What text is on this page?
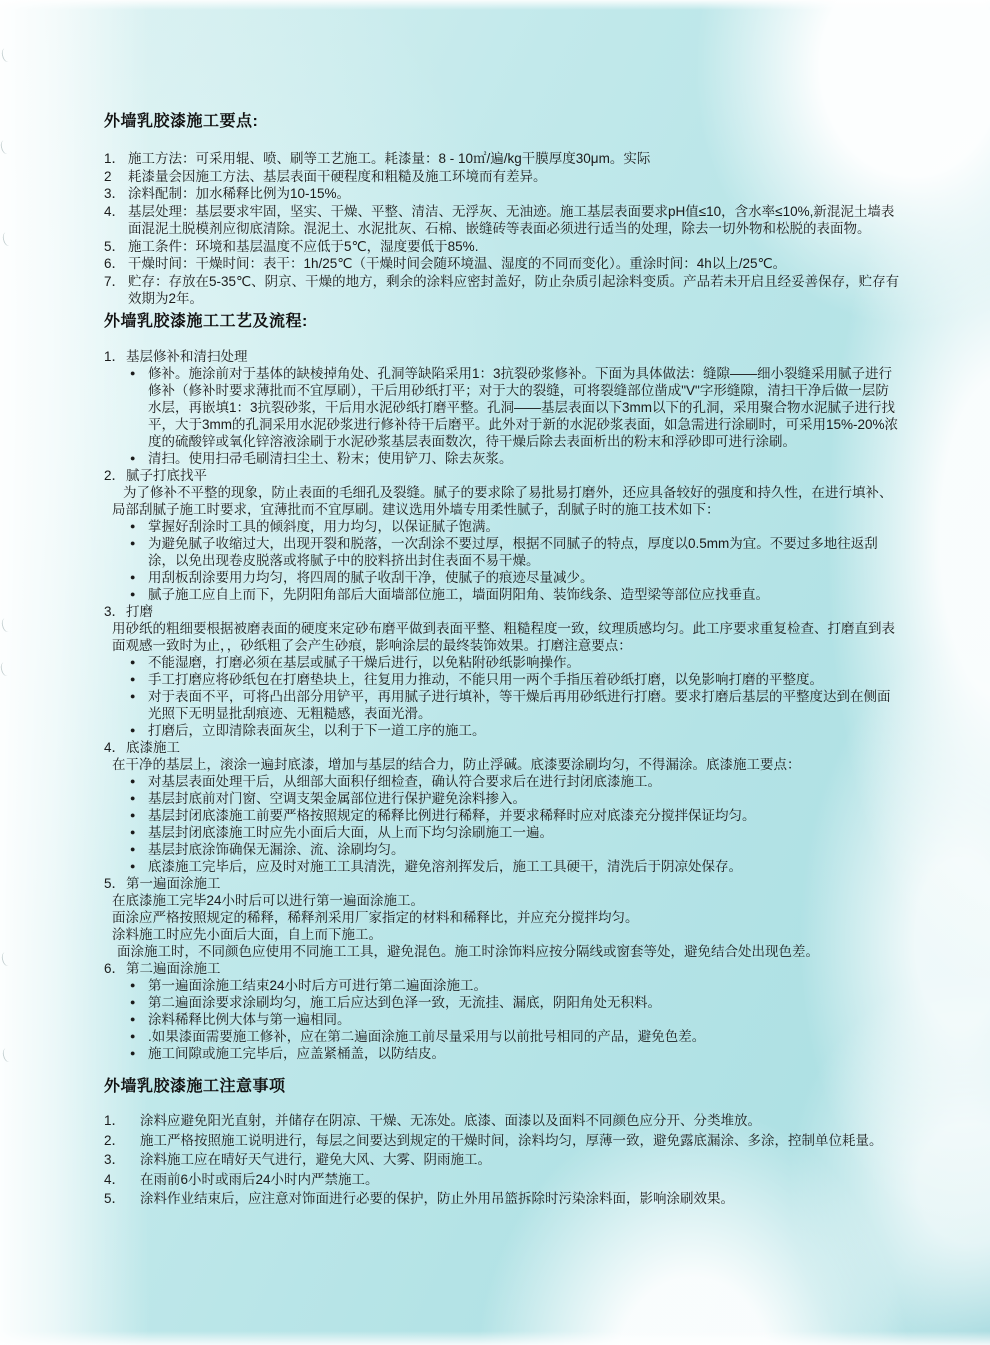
外墙乳胶漆施工要点:
1． 施工方法：可采用辊、喷、刷等工艺施工。耗漆量：8 - 10㎡/遍/kg干膜厚度30μm。实际
2	耗漆量会因施工方法、基层表面干硬程度和粗糙及施工环境而有差异。
3． 涂料配制：加水稀释比例为10-15%。
4． 基层处理：基层要求牢固，坚实、干燥、平整、清洁、无浮灰、无油迹。施工基层表面要求pH值≤10，含水率≤10%,新混泥土墙表面混泥土脱模剂应彻底清除。混泥土、水泥批灰、石棉、嵌缝砖等表面必须进行适当的处理，除去一切外物和松脱的表面物。
5． 施工条件：环境和基层温度不应低于5℃，湿度要低于85%.
6． 干燥时间：干燥时间：表干：1h/25℃（干燥时间会随环境温、湿度的不同而变化）。重涂时间：4h以上/25℃。
7． 贮存：存放在5-35℃、阴京、干燥的地方，剩余的涂料应密封盖好，防止杂质引起涂料变质。产品若未开启且经妥善保存，贮存有效期为2年。
外墙乳胶漆施工工艺及流程:
1． 基层修补和清扫处理
● 修补。施涂前对于基体的缺棱掉角处、孔洞等缺陷采用1：3抗裂砂浆修补。下面为具体做法：缝隙——细小裂缝采用腻子进行修补（修补时要求薄批而不宜厚刷），干后用砂纸打平；对于大的裂缝，可将裂缝部位凿成"V"字形缝隙，清扫干净后做一层防水层，再嵌填1：3抗裂砂浆，干后用水泥砂纸打磨平整。孔洞——基层表面以下3mm以下的孔洞，采用聚合物水泥腻子进行找平，大于3mm的孔洞采用水泥砂浆进行修补待干后磨平。此外对于新的水泥砂浆表面，如急需进行涂刷时，可采用15%-20%浓度的硫酸锌或氧化锌溶液涂刷于水泥砂浆基层表面数次，待干燥后除去表面析出的粉末和浮砂即可进行涂刷。
● 清扫。使用扫帚毛刷清扫尘土、粉末；使用铲刀、除去灰浆。
2． 腻子打底找平
为了修补不平整的现象，防止表面的毛细孔及裂缝。腻子的要求除了易批易打磨外，还应具备较好的强度和持久性，在进行填补、局部刮腻子施工时要求，宜薄批而不宜厚刷。建议选用外墙专用柔性腻子，刮腻子时的施工技术如下：
● 掌握好刮涂时工具的倾斜度，用力均匀，以保证腻子饱满。
● 为避免腻子收缩过大，出现开裂和脱落，一次刮涂不要过厚，根据不同腻子的特点，厚度以0.5mm为宜。不要过多地往返刮涂，以免出现卷皮脱落或将腻子中的胶料挤出封住表面不易干燥。
● 用刮板刮涂要用力均匀，将四周的腻子收刮干净，使腻子的痕迹尽量减少。
● 腻子施工应自上而下，先阴阳角部后大面墙部位施工，墙面阴阳角、装饰线条、造型梁等部位应找垂直。
3． 打磨
用砂纸的粗细要根据被磨表面的硬度来定砂布磨平做到表面平整、粗糙程度一致，纹理质感均匀。此工序要求重复检查、打磨直到表面观感一致时为止，，砂纸粗了会产生砂痕，影响涂层的最终装饰效果。打磨注意要点：
● 不能湿磨，打磨必须在基层或腻子干燥后进行，以免粘附砂纸影响操作。
● 手工打磨应将砂纸包在打磨垫块上，往复用力推动，不能只用一两个手指压着砂纸打磨，以免影响打磨的平整度。
● 对于表面不平，可将凸出部分用铲平，再用腻子进行填补，等干燥后再用砂纸进行打磨。要求打磨后基层的平整度达到在侧面光照下无明显批刮痕迹、无粗糙感，表面光滑。
● 打磨后，立即清除表面灰尘，以利于下一道工序的施工。
4． 底漆施工
在干净的基层上，滚涂一遍封底漆，增加与基层的结合力，防止浮碱。底漆要涂刷均匀，不得漏涂。底漆施工要点：
● 对基层表面处理干后，从细部大面积仔细检查，确认符合要求后在进行封闭底漆施工。
● 基层封底前对门窗、空调支架金属部位进行保护避免涂料掺入。
● 基层封闭底漆施工前要严格按照规定的稀释比例进行稀释，并要求稀释时应对底漆充分搅拌保证均匀。
● 基层封闭底漆施工时应先小面后大面，从上而下均匀涂刷施工一遍。
● 基层封底涂饰确保无漏涂、流、涂刷均匀。
● 底漆施工完毕后，应及时对施工工具清洗，避免溶剂挥发后，施工工具硬干，清洗后于阴凉处保存。
5． 第一遍面涂施工
在底漆施工完毕24小时后可以进行第一遍面涂施工。
面涂应严格按照规定的稀释，稀释剂采用厂家指定的材料和稀释比，并应充分搅拌均匀。
涂料施工时应先小面后大面，自上而下施工。
面涂施工时，不同颜色应使用不同施工工具，避免混色。施工时涂饰料应按分隔线或窗套等处，避免结合处出现色差。
6． 第二遍面涂施工
● 第一遍面涂施工结束24小时后方可进行第二遍面涂施工。
● 第二遍面涂要求涂刷均匀，施工后应达到色泽一致，无流挂、漏底，阴阳角处无积料。
● 涂料稀释比例大体与第一遍相同。
● .如果漆面需要施工修补，应在第二遍面涂施工前尽量采用与以前批号相同的产品，避免色差。
● 施工间隙或施工完毕后，应盖紧桶盖，以防结皮。
外墙乳胶漆施工注意事项
1．	涂料应避免阳光直射，并储存在阴凉、干燥、无冻处。底漆、面漆以及面料不同颜色应分开、分类堆放。
2．	施工严格按照施工说明进行，每层之间要达到规定的干燥时间，涂料均匀，厚薄一致，避免露底漏涂、多涂，控制单位耗量。
3．	涂料施工应在晴好天气进行，避免大风、大雾、阴雨施工。
4．	在雨前6小时或雨后24小时内严禁施工。
5．	涂料作业结束后，应注意对饰面进行必要的保护，防止外用吊篮拆除时污染涂料面，影响涂刷效果。
